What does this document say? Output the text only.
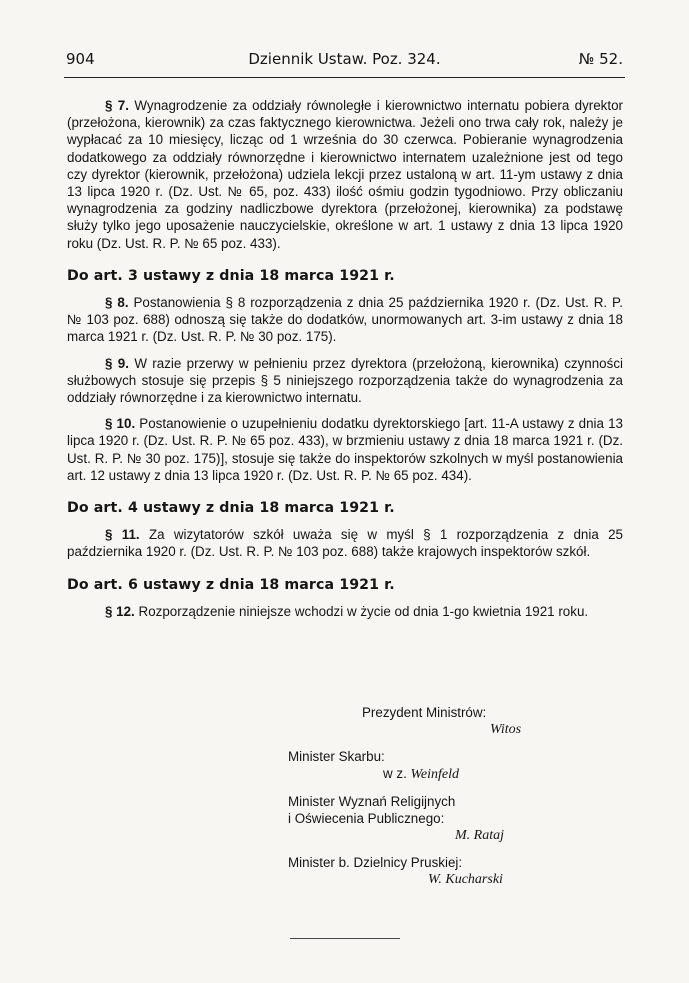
904	Dziennik Ustaw. Poz. 324.	№ 52.

§ 7. Wynagrodzenie za oddziały równoległe i kierownictwo internatu pobiera dyrektor (przełożona, kierownik) za czas faktycznego kierownictwa. Jeżeli ono trwa cały rok, należy je wypłacać za 10 miesięcy, licząc od 1 września do 30 czerwca. Pobieranie wynagrodzenia dodatkowego za oddziały równorzędne i kierownictwo internatem uzależnione jest od tego czy dyrektor (kierownik, przełożona) udziela lekcji przez ustaloną w art. 11-ym ustawy z dnia 13 lipca 1920 r. (Dz. Ust. № 65, poz. 433) ilość ośmiu godzin tygodniowo. Przy obliczaniu wynagrodzenia za godziny nadliczbowe dyrektora (przełożonej, kierownika) za podstawę służy tylko jego uposażenie nauczycielskie, określone w art. 1 ustawy z dnia 13 lipca 1920 roku (Dz. Ust. R. P. № 65 poz. 433).

Do art. 3 ustawy z dnia 18 marca 1921 r.

§ 8. Postanowienia § 8 rozporządzenia z dnia 25 października 1920 r. (Dz. Ust. R. P. № 103 poz. 688) odnoszą się także do dodatków, unormowanych art. 3-im ustawy z dnia 18 marca 1921 r. (Dz. Ust. R. P. № 30 poz. 175).

§ 9. W razie przerwy w pełnieniu przez dyrektora (przełożoną, kierownika) czynności służbowych stosuje się przepis § 5 niniejszego rozporządzenia także do wynagrodzenia za oddziały równorzędne i za kierownictwo internatu.

§ 10. Postanowienie o uzupełnieniu dodatku dyrektorskiego [art. 11-A ustawy z dnia 13 lipca 1920 r. (Dz. Ust. R. P. № 65 poz. 433), w brzmieniu ustawy z dnia 18 marca 1921 r. (Dz. Ust. R. P. № 30 poz. 175)], stosuje się także do inspektorów szkolnych w myśl postanowienia art. 12 ustawy z dnia 13 lipca 1920 r. (Dz. Ust. R. P. № 65 poz. 434).

Do art. 4 ustawy z dnia 18 marca 1921 r.

§ 11. Za wizytatorów szkół uważa się w myśl § 1 rozporządzenia z dnia 25 października 1920 r. (Dz. Ust. R. P. № 103 poz. 688) także krajowych inspektorów szkół.

Do art. 6 ustawy z dnia 18 marca 1921 r.

§ 12. Rozporządzenie niniejsze wchodzi w życie od dnia 1-go kwietnia 1921 roku.

Prezydent Ministrów:
Witos
Minister Skarbu:
w z. Weinfeld
Minister Wyznań Religijnych
i Oświecenia Publicznego:
M. Rataj
Minister b. Dzielnicy Pruskiej:
W. Kucharski
